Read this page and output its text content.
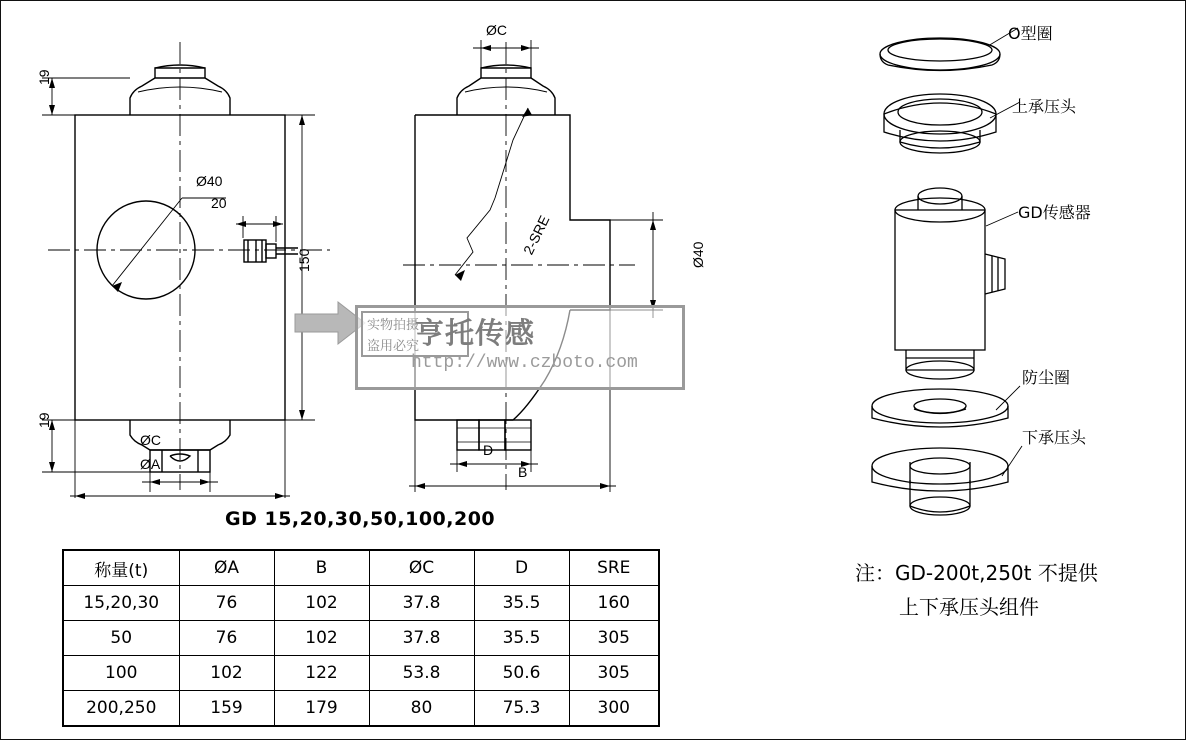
19
19
150
Ø40
20
ØC
ØA
ØC
Ø40
2-SRE
D
B
O型圈
上承压头
GD传感器
防尘圈
下承压头
实物拍摄
盗用必究
亨托传感
http://www.czboto.com
GD 15,20,30,50,100,200
称量(t)	ØA	B	ØC	D	SRE
15,20,30	76	102	37.8	35.5	160
50	76	102	37.8	35.5	305
100	102	122	53.8	50.6	305
200,250	159	179	80	75.3	300
注：GD-200t,250t 不提供
上下承压头组件
